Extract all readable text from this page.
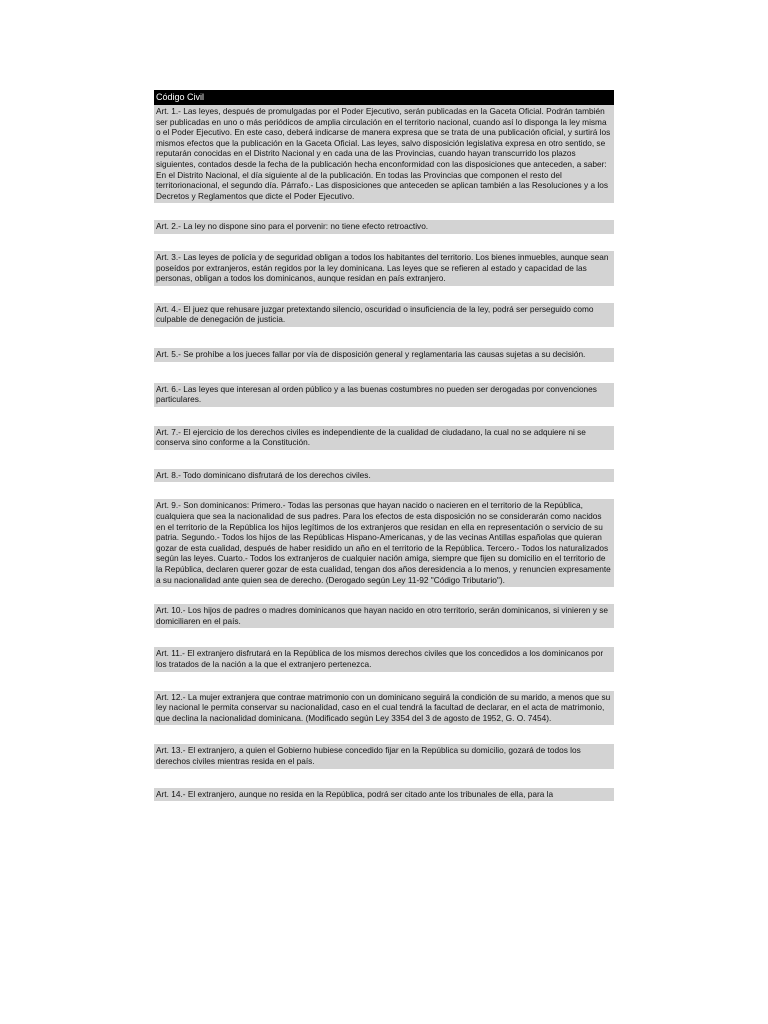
Código Civil
Art. 1.- Las leyes, después de promulgadas por el Poder Ejecutivo, serán publicadas en la Gaceta Oficial. Podrán también ser publicadas en uno o más periódicos de amplia circulación en el territorio nacional, cuando así lo disponga la ley misma o el Poder Ejecutivo. En este caso, deberá indicarse de manera expresa que se trata de una publicación oficial, y surtirá los mismos efectos que la publicación en la Gaceta Oficial. Las leyes, salvo disposición legislativa expresa en otro sentido, se reputarán conocidas en el Distrito Nacional y en cada una de las Provincias, cuando hayan transcurrido los plazos siguientes, contados desde la fecha de la publicación hecha enconformidad con las disposiciones que anteceden, a saber: En el Distrito Nacional, el día siguiente al de la publicación. En todas las Provincias que componen el resto del territorionacional, el segundo día. Párrafo.- Las disposiciones que anteceden se aplican también a las Resoluciones y a los Decretos y Reglamentos que dicte el Poder Ejecutivo.
Art. 2.- La ley no dispone sino para el porvenir: no tiene efecto retroactivo.
Art. 3.- Las leyes de policía y de seguridad obligan a todos los habitantes del territorio. Los bienes inmuebles, aunque sean poseídos por extranjeros, están regidos por la ley dominicana. Las leyes que se refieren al estado y capacidad de las personas, obligan a todos los dominicanos, aunque residan en país extranjero.
Art. 4.- El juez que rehusare juzgar pretextando silencio, oscuridad o insuficiencia de la ley, podrá ser perseguido como culpable de denegación de justicia.
Art. 5.- Se prohíbe a los jueces fallar por vía de disposición general y reglamentaria las causas sujetas a su decisión.
Art. 6.- Las leyes que interesan al orden público y a las buenas costumbres no pueden ser derogadas por convenciones particulares.
Art. 7.- El ejercicio de los derechos civiles es independiente de la cualidad de ciudadano, la cual no se adquiere ni se conserva sino conforme a la Constitución.
Art. 8.- Todo dominicano disfrutará de los derechos civiles.
Art. 9.- Son dominicanos: Primero.- Todas las personas que hayan nacido o nacieren en el territorio de la República, cualquiera que sea la nacionalidad de sus padres. Para los efectos de esta disposición no se considerarán como nacidos en el territorio de la República los hijos legítimos de los extranjeros que residan en ella en representación o servicio de su patria. Segundo.- Todos los hijos de las Repúblicas Hispano-Americanas, y de las vecinas Antillas españolas que quieran gozar de esta cualidad, después de haber residido un año en el territorio de la República. Tercero.- Todos los naturalizados según las leyes. Cuarto.- Todos los extranjeros de cualquier nación amiga, siempre que fijen su domicilio en el territorio de la República, declaren querer gozar de esta cualidad, tengan dos años deresidencia a lo menos, y renuncien expresamente a su nacionalidad ante quien sea de derecho. (Derogado según Ley 11-92 "Código Tributario").
Art. 10.- Los hijos de padres o madres dominicanos que hayan nacido en otro territorio, serán dominicanos, si vinieren y se domiciliaren en el país.
Art. 11.- El extranjero disfrutará en la República de los mismos derechos civiles que los concedidos a los dominicanos por los tratados de la nación a la que el extranjero pertenezca.
Art. 12.- La mujer extranjera que contrae matrimonio con un dominicano seguirá la condición de su marido, a menos que su ley nacional le permita conservar su nacionalidad, caso en el cual tendrá la facultad de declarar, en el acta de matrimonio, que declina la nacionalidad dominicana. (Modificado según Ley 3354 del 3 de agosto de 1952, G. O. 7454).
Art. 13.- El extranjero, a quien el Gobierno hubiese concedido fijar en la República su domicilio, gozará de todos los derechos civiles mientras resida en el país.
Art. 14.- El extranjero, aunque no resida en la República, podrá ser citado ante los tribunales de ella, para la
